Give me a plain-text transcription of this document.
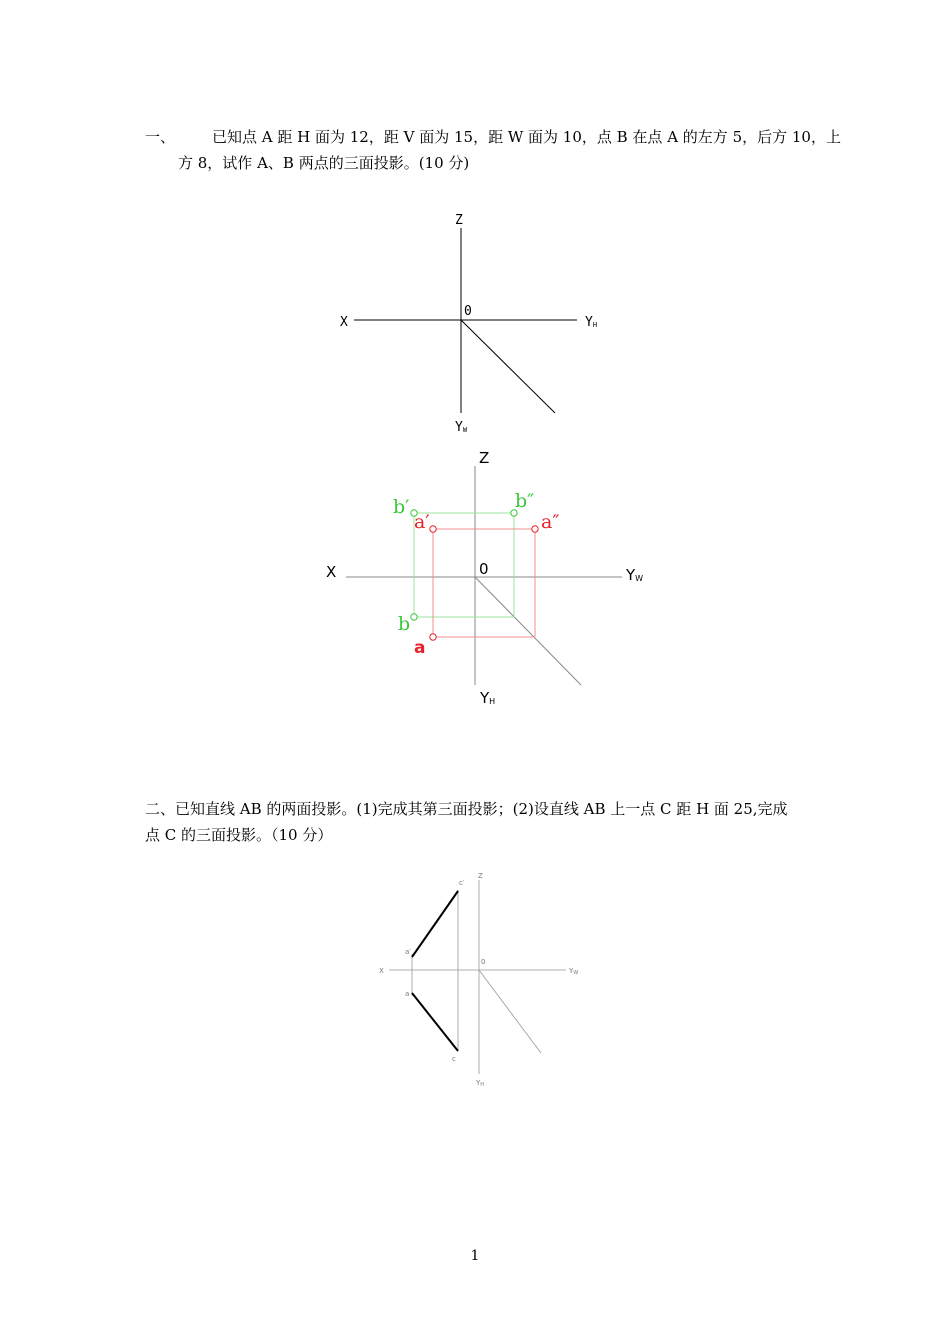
一、 已知点 A 距 H 面为 12，距 V 面为 15，距 W 面为 10，点 B 在点 A 的左方 5，后方 10，上
方 8，试作 A、B 两点的三面投影。(10 分)
Z
X
0
YH
YW
Z
X	0	YW
YH
b′	b″
a′	a″
b
a
二、已知直线 AB 的两面投影。(1)完成其第三面投影；(2)设直线 AB 上一点 C 距 H 面 25,完成
点 C 的三面投影。（10 分）
Z
X
0
YW
YH
c′
a′
a
c
1
